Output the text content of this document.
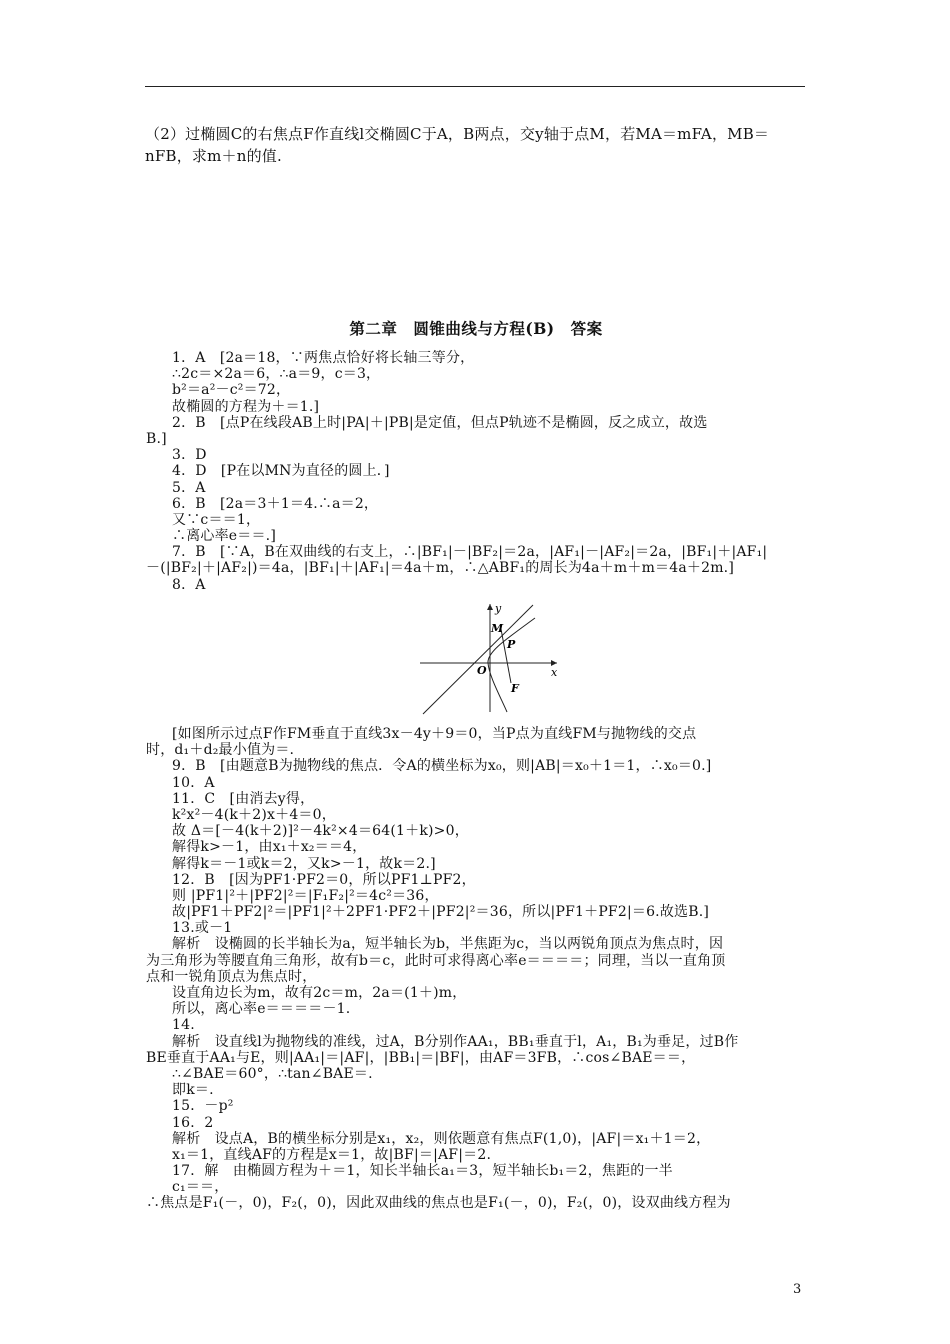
（2）过椭圆C的右焦点F作直线l交椭圆C于A，B两点，交y轴于点M，若MA＝mFA，MB＝nFB，求m＋n的值.
第二章　圆锥曲线与方程(B)　答案
1．A　[2a＝18，∵两焦点恰好将长轴三等分，
∴2c＝×2a＝6，∴a＝9，c＝3，
b²＝a²－c²＝72，
故椭圆的方程为＋＝1.]
2．B　[点P在线段AB上时|PA|＋|PB|是定值，但点P轨迹不是椭圆，反之成立，故选
B.]
3．D
4．D　[P在以MN为直径的圆上．]
5．A
6．B　[2a＝3＋1＝4.∴a＝2，
又∵c＝＝1，
∴离心率e＝＝.]
7．B　[∵A，B在双曲线的右支上，∴|BF₁|－|BF₂|＝2a，|AF₁|－|AF₂|＝2a，|BF₁|＋|AF₁|
－(|BF₂|＋|AF₂|)＝4a，|BF₁|＋|AF₁|＝4a＋m，∴△ABF₁的周长为4a＋m＋m＝4a＋2m.]
8．A
y
x
O
M
P
F
[如图所示过点F作FM垂直于直线3x－4y＋9＝0，当P点为直线FM与抛物线的交点
时，d₁＋d₂最小值为＝.
9．B　[由题意B为抛物线的焦点．令A的横坐标为x₀，则|AB|＝x₀＋1＝1，∴x₀＝0.]
10．A
11．C　[由消去y得，
k²x²－4(k＋2)x＋4＝0，
故 Δ＝[－4(k＋2)]²－4k²×4＝64(1＋k)>0，
解得k>－1，由x₁＋x₂＝＝4，
解得k＝－1或k＝2，又k>－1，故k＝2.]
12．B　[因为PF1·PF2＝0，所以PF1⊥PF2，
则 |PF1|²＋|PF2|²＝|F₁F₂|²＝4c²＝36，
故|PF1＋PF2|²＝|PF1|²＋2PF1·PF2＋|PF2|²＝36，所以|PF1＋PF2|＝6.故选B.]
13.或－1
解析　设椭圆的长半轴长为a，短半轴长为b，半焦距为c，当以两锐角顶点为焦点时，因
为三角形为等腰直角三角形，故有b＝c，此时可求得离心率e＝＝＝＝；同理，当以一直角顶
点和一锐角顶点为焦点时，
设直角边长为m，故有2c＝m，2a＝(1＋)m，
所以，离心率e＝＝＝＝－1.
14.
解析　设直线l为抛物线的准线，过A，B分别作AA₁，BB₁垂直于l，A₁，B₁为垂足，过B作
BE垂直于AA₁与E，则|AA₁|＝|AF|，|BB₁|＝|BF|，由AF＝3FB，∴cos∠BAE＝＝，
∴∠BAE＝60°，∴tan∠BAE＝.
即k＝.
15．－p²
16．2
解析　设点A，B的横坐标分别是x₁，x₂，则依题意有焦点F(1,0)，|AF|＝x₁＋1＝2，
x₁＝1，直线AF的方程是x＝1，故|BF|＝|AF|＝2.
17．解　由椭圆方程为＋＝1，知长半轴长a₁＝3，短半轴长b₁＝2，焦距的一半
c₁＝＝，
∴焦点是F₁(－，0)，F₂(，0)，因此双曲线的焦点也是F₁(－，0)，F₂(，0)，设双曲线方程为
3
